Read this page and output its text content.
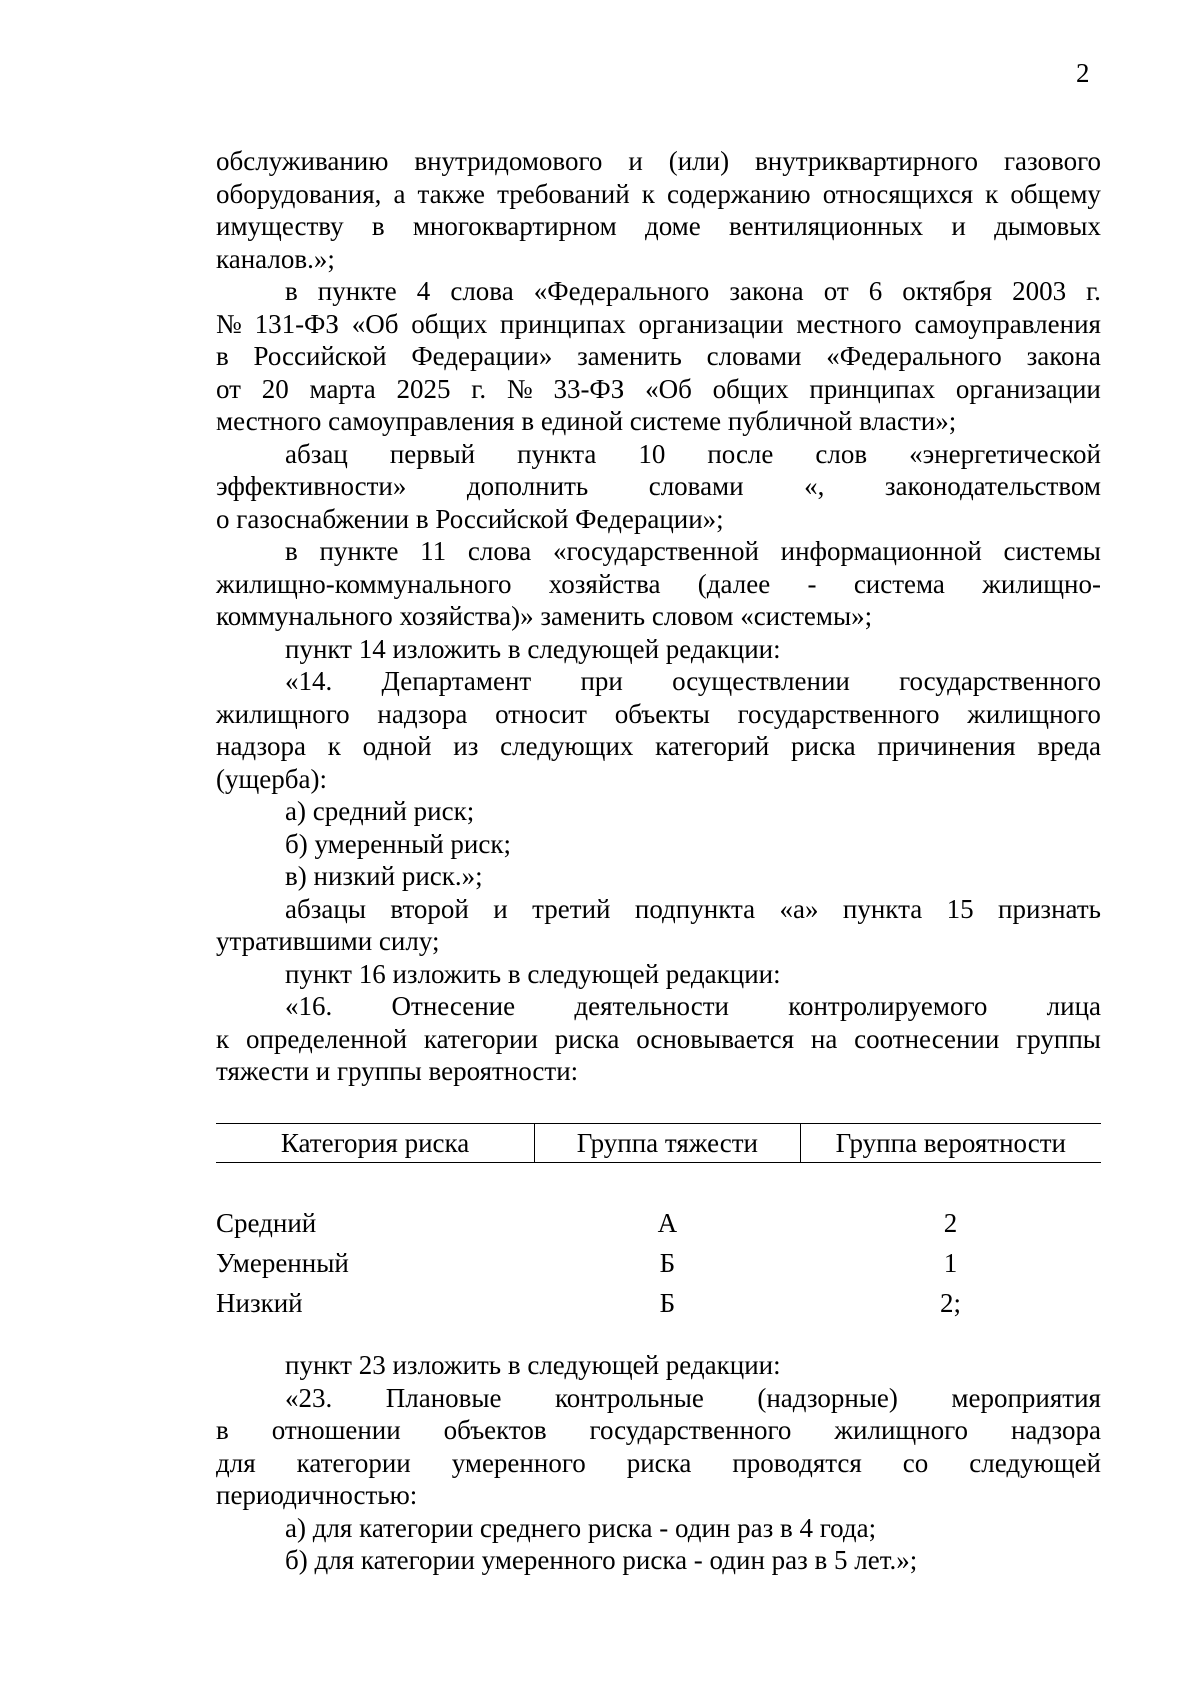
2
обслуживанию внутридомового и (или) внутриквартирного газового
оборудования, а также требований к содержанию относящихся к общему
имуществу в многоквартирном доме вентиляционных и дымовых
каналов.»;
в пункте 4 слова «Федерального закона от 6 октября 2003 г.
№ 131-ФЗ «Об общих принципах организации местного самоуправления
в Российской Федерации» заменить словами «Федерального закона
от 20 марта 2025 г. № 33-ФЗ «Об общих принципах организации
местного самоуправления в единой системе публичной власти»;
абзац первый пункта 10 после слов «энергетической
эффективности» дополнить словами «, законодательством
о газоснабжении в Российской Федерации»;
в пункте 11 слова «государственной информационной системы
жилищно-коммунального хозяйства (далее - система жилищно-
коммунального хозяйства)» заменить словом «системы»;
пункт 14 изложить в следующей редакции:
«14. Департамент при осуществлении государственного
жилищного надзора относит объекты государственного жилищного
надзора к одной из следующих категорий риска причинения вреда
(ущерба):
а) средний риск;
б) умеренный риск;
в) низкий риск.»;
абзацы второй и третий подпункта «а» пункта 15 признать
утратившими силу;
пункт 16 изложить в следующей редакции:
«16. Отнесение деятельности контролируемого лица
к определенной категории риска основывается на соотнесении группы
тяжести и группы вероятности:
Категория риска	Группа тяжести	Группа вероятности

Средний	А	2
Умеренный	Б	1
Низкий	Б	2;
пункт 23 изложить в следующей редакции:
«23. Плановые контрольные (надзорные) мероприятия
в отношении объектов государственного жилищного надзора
для категории умеренного риска проводятся со следующей
периодичностью:
а) для категории среднего риска - один раз в 4 года;
б) для категории умеренного риска - один раз в 5 лет.»;
